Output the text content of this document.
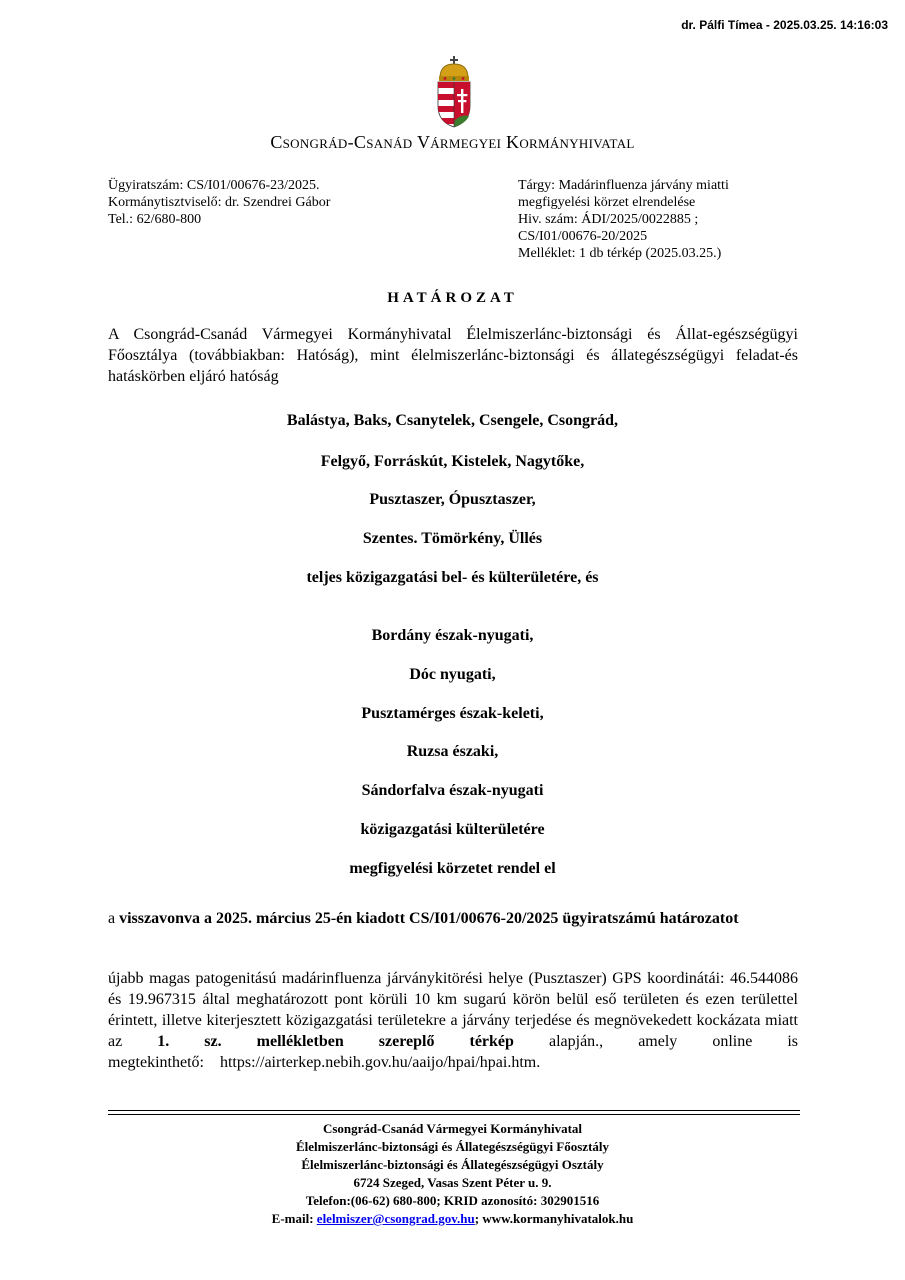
dr. Pálfi Tímea - 2025.03.25. 14:16:03
Csongrád-Csanád Vármegyei Kormányhivatal
Ügyiratszám: CS/I01/00676-23/2025.
Kormánytisztviselő: dr. Szendrei Gábor
Tel.: 62/680-800
Tárgy: Madárinfluenza járvány miatti
megfigyelési körzet elrendelése
Hiv. szám: ÁDI/2025/0022885 ;
CS/I01/00676-20/2025
Melléklet: 1 db térkép (2025.03.25.)
HATÁROZAT
A Csongrád-Csanád Vármegyei Kormányhivatal Élelmiszerlánc-biztonsági és Állat-egészségügyi Főosztálya (továbbiakban: Hatóság), mint élelmiszerlánc-biztonsági és állategészségügyi feladat-és hatáskörben eljáró hatóság
Balástya, Baks, Csanytelek, Csengele, Csongrád,
Felgyő, Forráskút, Kistelek, Nagytőke,
Pusztaszer, Ópusztaszer,
Szentes. Tömörkény, Üllés
teljes közigazgatási bel- és külterületére, és
Bordány észak-nyugati,
Dóc nyugati,
Pusztamérges észak-keleti,
Ruzsa északi,
Sándorfalva észak-nyugati
közigazgatási külterületére
megfigyelési körzetet rendel el
a visszavonva a 2025. március 25-én kiadott CS/I01/00676-20/2025 ügyiratszámú határozatot
újabb magas patogenitású madárinfluenza járványkitörési helye (Pusztaszer) GPS koordinátái: 46.544086 és 19.967315 által meghatározott pont körüli 10 km sugarú körön belül eső területen és ezen területtel érintett, illetve kiterjesztett közigazgatási területekre a járvány terjedése és megnövekedett kockázata miatt az 1. sz. mellékletben szereplő térkép alapján., amely online is megtekinthető: https://airterkep.nebih.gov.hu/aaijo/hpai/hpai.htm.
Csongrád-Csanád Vármegyei Kormányhivatal
Élelmiszerlánc-biztonsági és Állategészségügyi Főosztály
Élelmiszerlánc-biztonsági és Állategészségügyi Osztály
6724 Szeged, Vasas Szent Péter u. 9.
Telefon:(06-62) 680-800; KRID azonosító: 302901516
E-mail: elelmiszer@csongrad.gov.hu; www.kormanyhivatalok.hu
